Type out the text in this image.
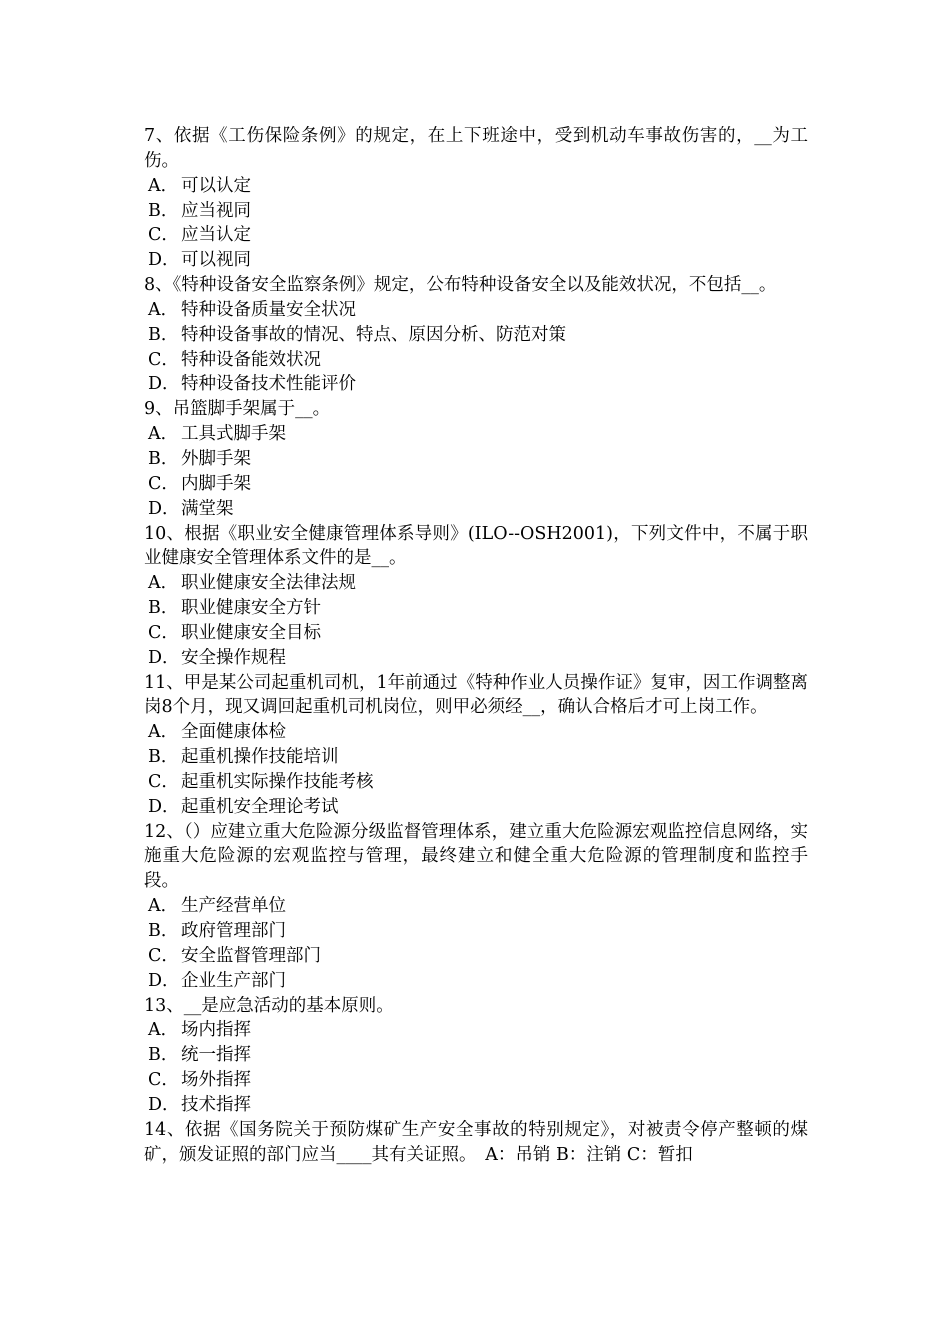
7、依据《工伤保险条例》的规定，在上下班途中，受到机动车事故伤害的，__为工伤。

A． 可以认定
B． 应当视同
C． 应当认定
D．可以视同

8、《特种设备安全监察条例》规定，公布特种设备安全以及能效状况，不包括__。

A． 特种设备质量安全状况
B． 特种设备事故的情况、特点、原因分析、防范对策
C． 特种设备能效状况
D．特种设备技术性能评价

9、吊篮脚手架属于__。

A． 工具式脚手架
B． 外脚手架
C． 内脚手架
D．满堂架

10、根据《职业安全健康管理体系导则》(ILO--OSH2001)，下列文件中，不属于职业健康安全管理体系文件的是__。

A． 职业健康安全法律法规
B． 职业健康安全方针
C． 职业健康安全目标
D．安全操作规程

11、甲是某公司起重机司机，1年前通过《特种作业人员操作证》复审，因工作调整离岗8个月，现又调回起重机司机岗位，则甲必须经__，确认合格后才可上岗工作。

A． 全面健康体检
B． 起重机操作技能培训
C． 起重机实际操作技能考核
D．起重机安全理论考试

12、（）应建立重大危险源分级监督管理体系，建立重大危险源宏观监控信息网络，实施重大危险源的宏观监控与管理，最终建立和健全重大危险源的管理制度和监控手段。

A． 生产经营单位
B． 政府管理部门
C． 安全监督管理部门
D．企业生产部门

13、__是应急活动的基本原则。

A． 场内指挥
B． 统一指挥
C． 场外指挥
D．技术指挥

14、依据《国务院关于预防煤矿生产安全事故的特别规定》，对被责令停产整顿的煤矿，颁发证照的部门应当____其有关证照。　A：吊销 B：注销 C：暂扣
